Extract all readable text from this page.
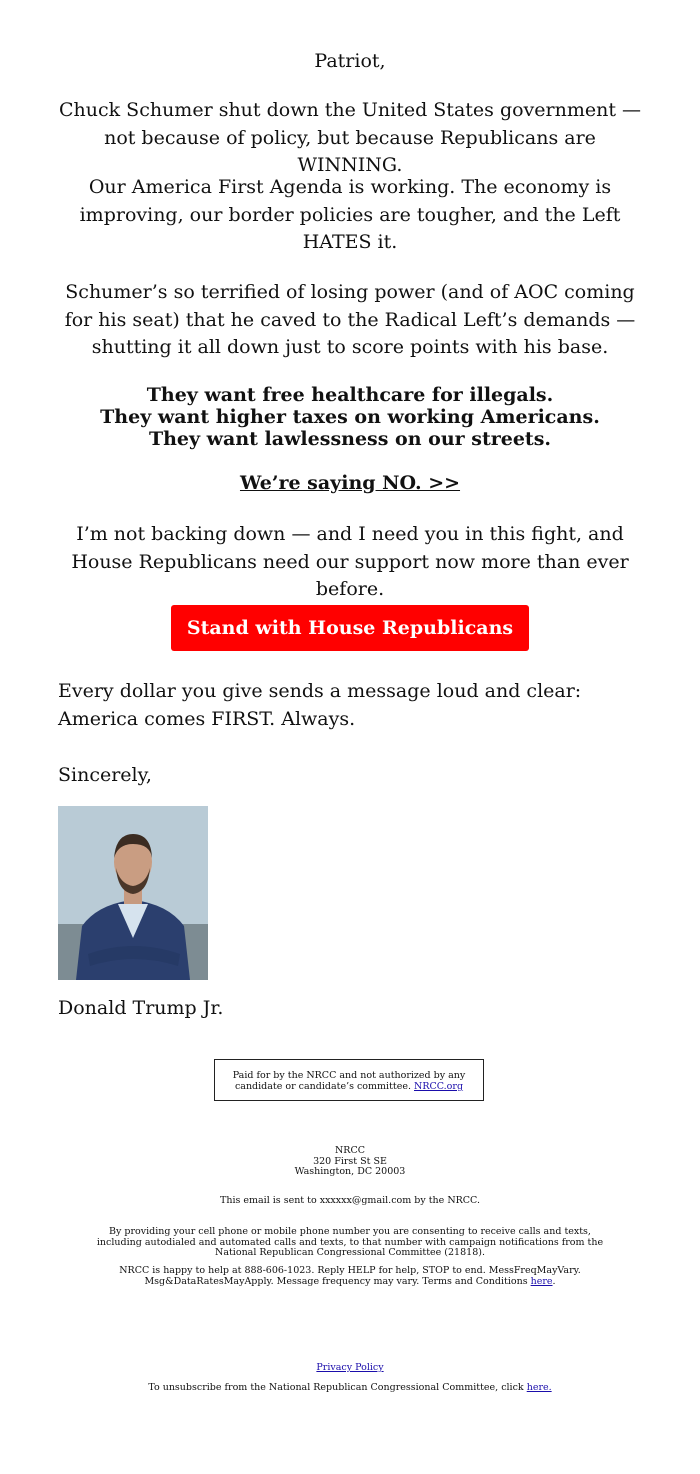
Patriot,

Chuck Schumer shut down the United States government — not because of policy, but because Republicans are WINNING.

Our America First Agenda is working. The economy is improving, our border policies are tougher, and the Left HATES it.

Schumer’s so terrified of losing power (and of AOC coming for his seat) that he caved to the Radical Left’s demands — shutting it all down just to score points with his base.

They want free healthcare for illegals.
They want higher taxes on working Americans.
They want lawlessness on our streets.
We’re saying NO. >>

I’m not backing down — and I need you in this fight, and House Republicans need our support now more than ever before.

Stand with House Republicans

Every dollar you give sends a message loud and clear: America comes FIRST. Always.

Sincerely,

Donald Trump Jr.

Paid for by the NRCC and not authorized by any candidate or candidate’s committee. NRCC.org
NRCC
320 First St SE
Washington, DC 20003
This email is sent to xxxxxx@gmail.com by the NRCC.
By providing your cell phone or mobile phone number you are consenting to receive calls and texts, including autodialed and automated calls and texts, to that number with campaign notifications from the National Republican Congressional Committee (21818).
NRCC is happy to help at 888-606-1023. Reply HELP for help, STOP to end. MessFreqMayVary. Msg&DataRatesMayApply. Message frequency may vary. Terms and Conditions here.
Privacy Policy
To unsubscribe from the National Republican Congressional Committee, click here.
